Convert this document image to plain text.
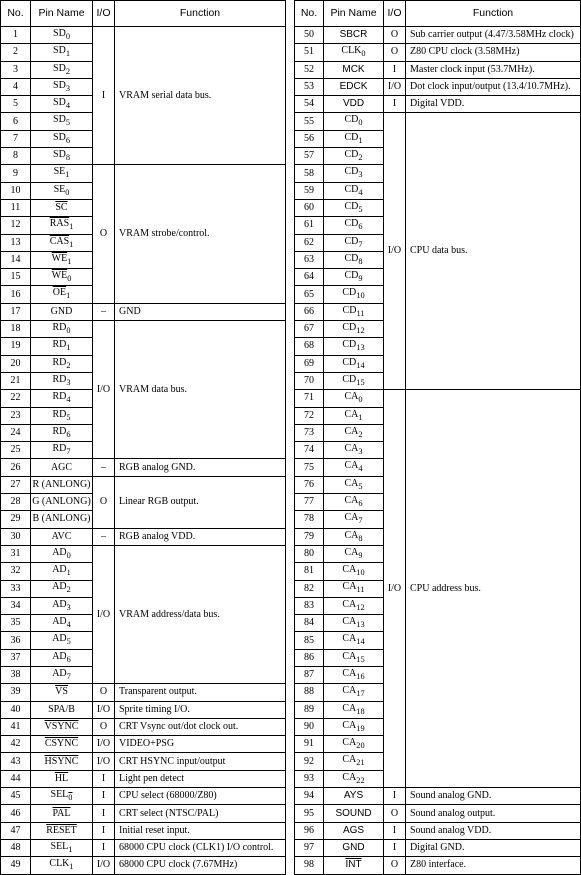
No.	Pin Name	I/O	Function
1	$SD_0$	I	VRAM serial data bus.
2	$SD_1$
3	$SD_2$
4	$SD_3$
5	$SD_4$
6	$SD_5$
7	$SD_6$
8	$SD_8$
9	$SE_1$	O	VRAM strobe/control.
10	$SE_0$
11	$\overline{SC}$
12	$\overline{RAS}_1$
13	$\overline{CAS}_1$
14	$\overline{WE}_1$
15	$\overline{WE}_0$
16	$\overline{OE}_1$
17	GND	–	GND
18	$RD_0$	I/O	VRAM data bus.
19	$RD_1$
20	$RD_2$
21	$RD_3$
22	$RD_4$
23	$RD_5$
24	$RD_6$
25	$RD_7$
26	AGC	–	RGB analog GND.
27	R (ANLONG)	O	Linear RGB output.
28	G (ANLONG)		
29	B (ANLONG)		
30	AVC	–	RGB analog VDD.
31	$AD_0$	I/O	VRAM address/data bus.
32	$AD_1$
33	$AD_2$
34	$AD_3$
35	$AD_4$
36	$AD_5$
37	$AD_6$
38	$AD_7$
39	$\overline{VS}$	O	Transparent output.
40	SPA/B	I/O	Sprite timing I/O.
41	VSYNC	O	CRT Vsync out/dot clock out.
42	CSYNC	I/O	VIDEO+PSG
43	HSYNC	I/O	CRT HSYNC input/output
44	$\overline{HL}$	I	Light pen detect
45	$SEL_0$	I	CPU select (68000/Z80)
46	$\overline{PAL}$	I	CRT select (NTSC/PAL)
47	RESET	I	Initial reset input.
48	$SEL_1$	I	68000 CPU clock (CLK1) I/O control.
49	$CLK_1$	I/O	68000 CPU clock (7.67MHz)
No.	Pin Name	I/O	Function
50	SBCR	O	Sub carrier output (4.47/3.58MHz clock)
51	$CLK_0$	O	Z80 CPU clock (3.58MHz)
52	MCK	I	Master clock input (53.7MHz).
53	EDCK	I/O	Dot clock input/output (13.4/10.7MHz).
54	VDD	I	Digital VDD.
55	$CD_0$	I/O	CPU data bus.
56	$CD_1$
57	$CD_2$
58	$CD_3$
59	$CD_4$
60	$CD_5$
61	$CD_6$
62	$CD_7$
63	$CD_8$
64	$CD_9$
65	$CD_{10}$
66	$CD_{11}$
67	$CD_{12}$
68	$CD_{13}$
69	$CD_{14}$
70	$CD_{15}$
71	$CA_0$	I/O	CPU address bus.
72	$CA_1$
73	$CA_2$
74	$CA_3$
75	$CA_4$
76	$CA_5$
77	$CA_6$
78	$CA_7$
79	$CA_8$
80	$CA_9$
81	$CA_{10}$
82	$CA_{11}$
83	$CA_{12}$
84	$CA_{13}$
85	$CA_{14}$
86	$CA_{15}$
87	$CA_{16}$
88	$CA_{17}$
89	$CA_{18}$
90	$CA_{19}$
91	$CA_{20}$
92	$CA_{21}$
93	$CA_{22}$
94	AYS	I	Sound analog GND.
95	SOUND	O	Sound analog output.
96	AGS	I	Sound analog VDD.
97	GND	I	Digital GND.
98	$\overline{INT}$	O	Z80 interface.
